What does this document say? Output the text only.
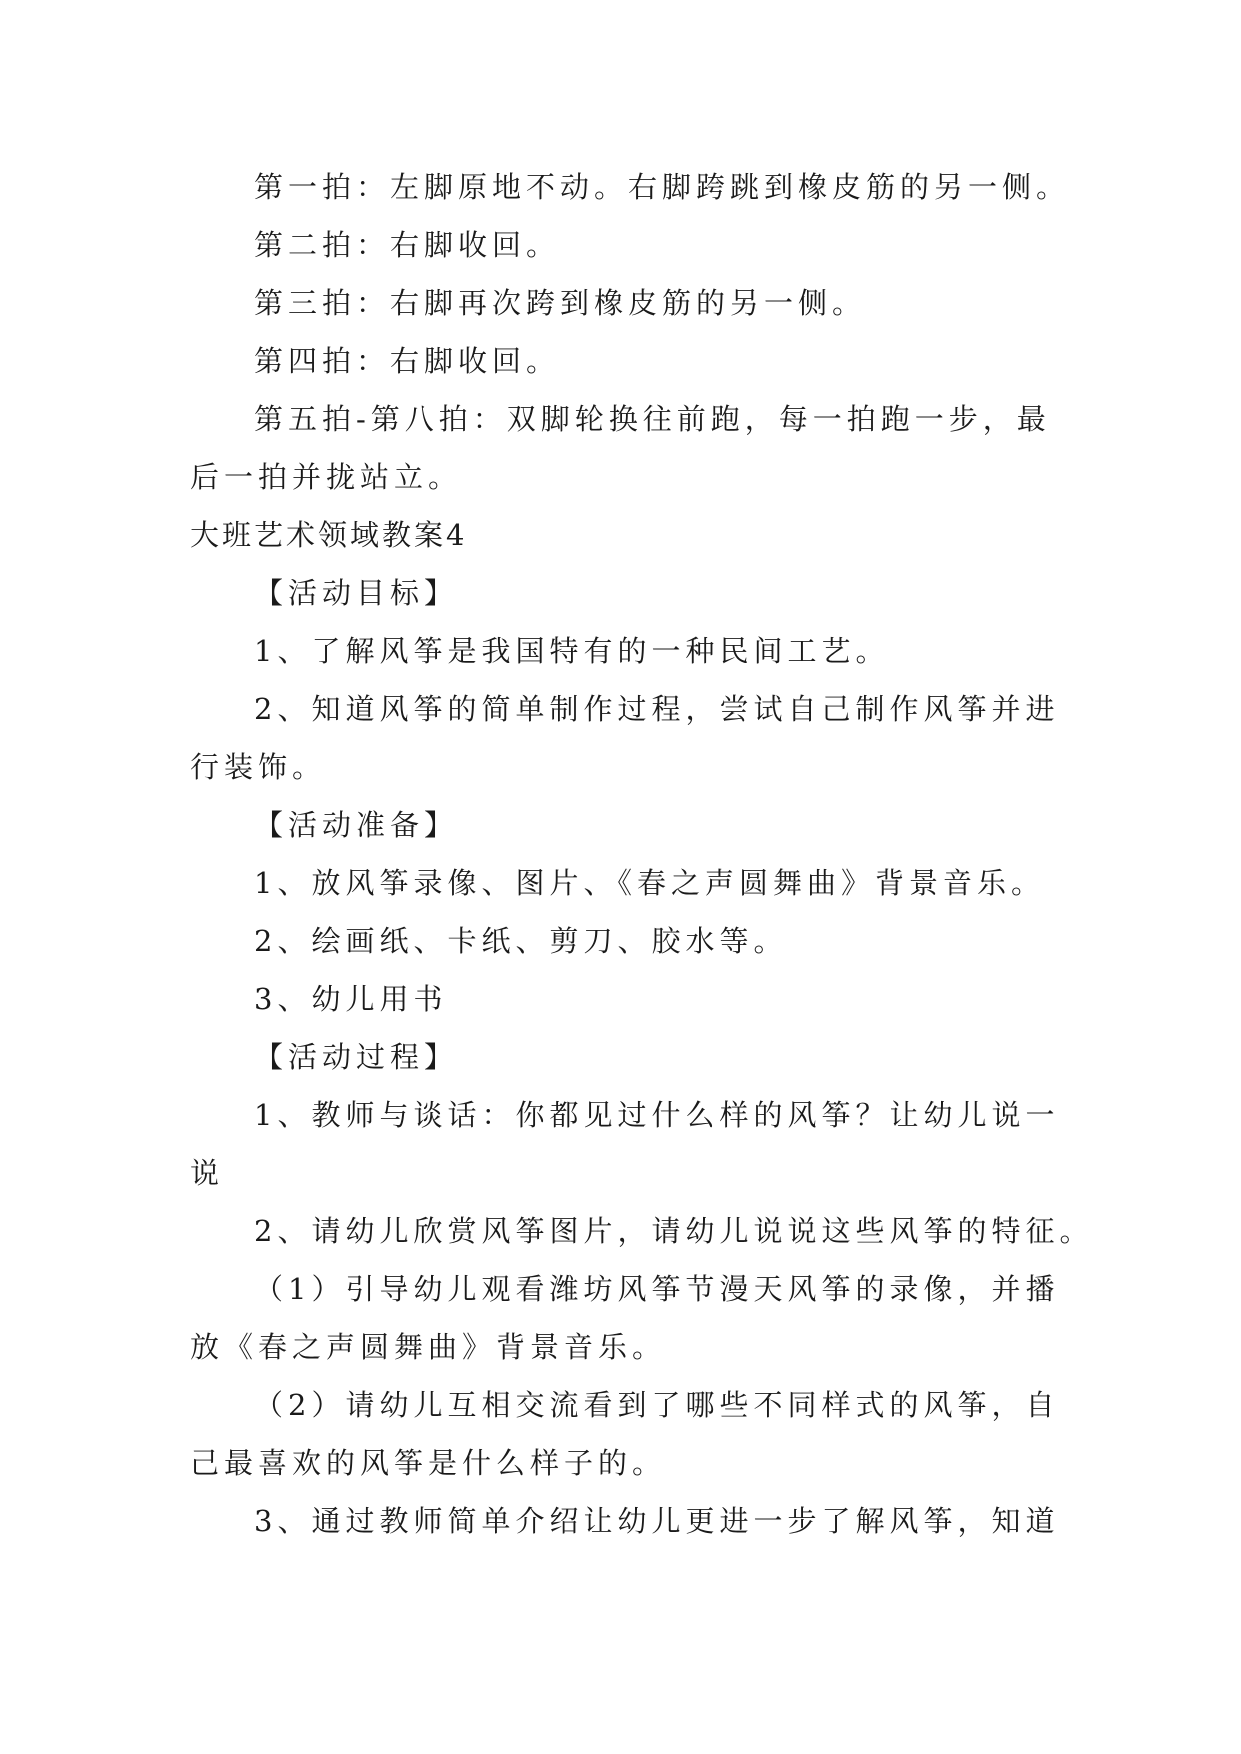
第一拍：左脚原地不动。右脚跨跳到橡皮筋的另一侧。
第二拍：右脚收回。
第三拍：右脚再次跨到橡皮筋的另一侧。
第四拍：右脚收回。
第五拍-第八拍：双脚轮换往前跑，每一拍跑一步，最
后一拍并拢站立。
大班艺术领域教案4
【活动目标】
1、了解风筝是我国特有的一种民间工艺。
2、知道风筝的简单制作过程，尝试自己制作风筝并进
行装饰。
【活动准备】
1、放风筝录像、图片、《春之声圆舞曲》背景音乐。
2、绘画纸、卡纸、剪刀、胶水等。
3、幼儿用书
【活动过程】
1、教师与谈话：你都见过什么样的风筝？让幼儿说一
说
2、请幼儿欣赏风筝图片，请幼儿说说这些风筝的特征。
（1）引导幼儿观看潍坊风筝节漫天风筝的录像，并播
放《春之声圆舞曲》背景音乐。
（2）请幼儿互相交流看到了哪些不同样式的风筝，自
己最喜欢的风筝是什么样子的。
3、通过教师简单介绍让幼儿更进一步了解风筝，知道
